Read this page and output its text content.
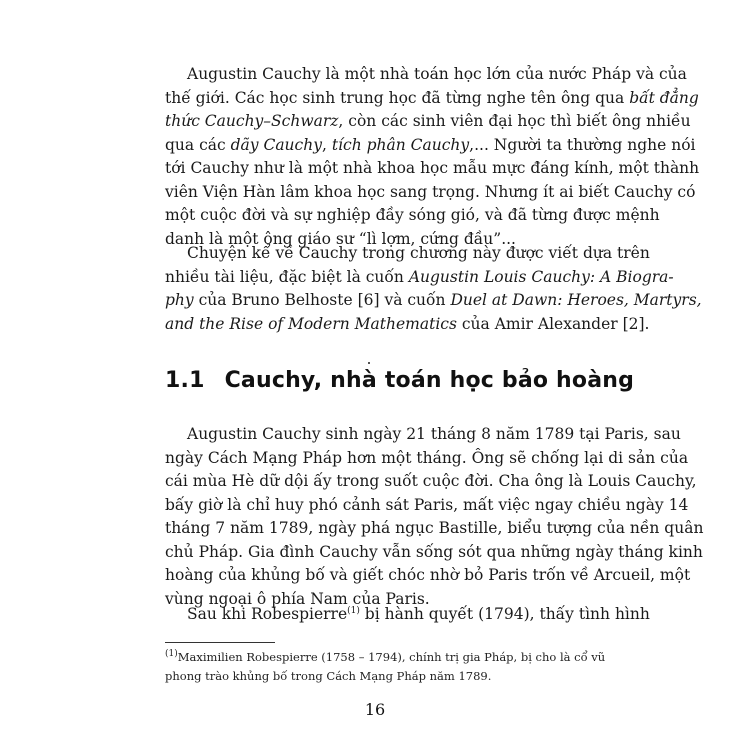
Augustin Cauchy là một nhà toán học lớn của nước Pháp và của
thế giới. Các học sinh trung học đã từng nghe tên ông qua bất đẳng
thức Cauchy–Schwarz, còn các sinh viên đại học thì biết ông nhiều
qua các dãy Cauchy, tích phân Cauchy,... Người ta thường nghe nói
tới Cauchy như là một nhà khoa học mẫu mực đáng kính, một thành
viên Viện Hàn lâm khoa học sang trọng. Nhưng ít ai biết Cauchy có
một cuộc đời và sự nghiệp đầy sóng gió, và đã từng được mệnh
danh là một ông giáo sư “lì lợm, cứng đầu”...

Chuyện kể về Cauchy trong chương này được viết dựa trên
nhiều tài liệu, đặc biệt là cuốn Augustin Louis Cauchy: A Biogra-
phy của Bruno Belhoste [6] và cuốn Duel at Dawn: Heroes, Martyrs,
and the Rise of Modern Mathematics của Amir Alexander [2].

1.1 Cauchy, nhà toán học bảo hoàng

Augustin Cauchy sinh ngày 21 tháng 8 năm 1789 tại Paris, sau
ngày Cách Mạng Pháp hơn một tháng. Ông sẽ chống lại di sản của
cái mùa Hè dữ dội ấy trong suốt cuộc đời. Cha ông là Louis Cauchy,
bấy giờ là chỉ huy phó cảnh sát Paris, mất việc ngay chiều ngày 14
tháng 7 năm 1789, ngày phá ngục Bastille, biểu tượng của nền quân
chủ Pháp. Gia đình Cauchy vẫn sống sót qua những ngày tháng kinh
hoàng của khủng bố và giết chóc nhờ bỏ Paris trốn về Arcueil, một
vùng ngoại ô phía Nam của Paris.

Sau khi Robespierre$^{(1)}$ bị hành quyết (1794), thấy tình hình

$^{(1)}$Maximilien Robespierre (1758 – 1794), chính trị gia Pháp, bị cho là cổ vũ
phong trào khủng bố trong Cách Mạng Pháp năm 1789.

16
